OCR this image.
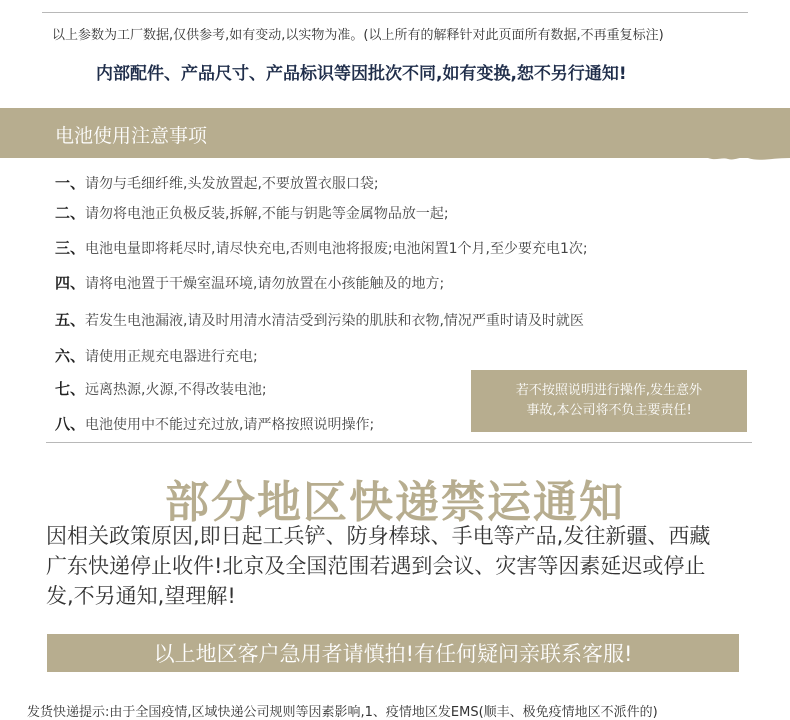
以上参数为工厂数据,仅供参考,如有变动,以实物为准。(以上所有的解释针对此页面所有数据,不再重复标注)
内部配件、产品尺寸、产品标识等因批次不同,如有变换,恕不另行通知!
电池使用注意事项
一、请勿与毛细纤维,头发放置起,不要放置衣服口袋;
二、请勿将电池正负极反装,拆解,不能与钥匙等金属物品放一起;
三、电池电量即将耗尽时,请尽快充电,否则电池将报废;电池闲置1个月,至少要充电1次;
四、请将电池置于干燥室温环境,请勿放置在小孩能触及的地方;
五、若发生电池漏液,请及时用清水清洁受到污染的肌肤和衣物,情况严重时请及时就医
六、请使用正规充电器进行充电;
七、远离热源,火源,不得改装电池;
八、电池使用中不能过充过放,请严格按照说明操作;
若不按照说明进行操作,发生意外
事故,本公司将不负主要责任!
部分地区快递禁运通知
因相关政策原因,即日起工兵铲、防身棒球、手电等产品,发往新疆、西藏
广东快递停止收件!北京及全国范围若遇到会议、灾害等因素延迟或停止
发,不另通知,望理解!
以上地区客户急用者请慎拍!有任何疑问亲联系客服!
发货快递提示:由于全国疫情,区域快递公司规则等因素影响,1、疫情地区发EMS(顺丰、极免疫情地区不派件的)
